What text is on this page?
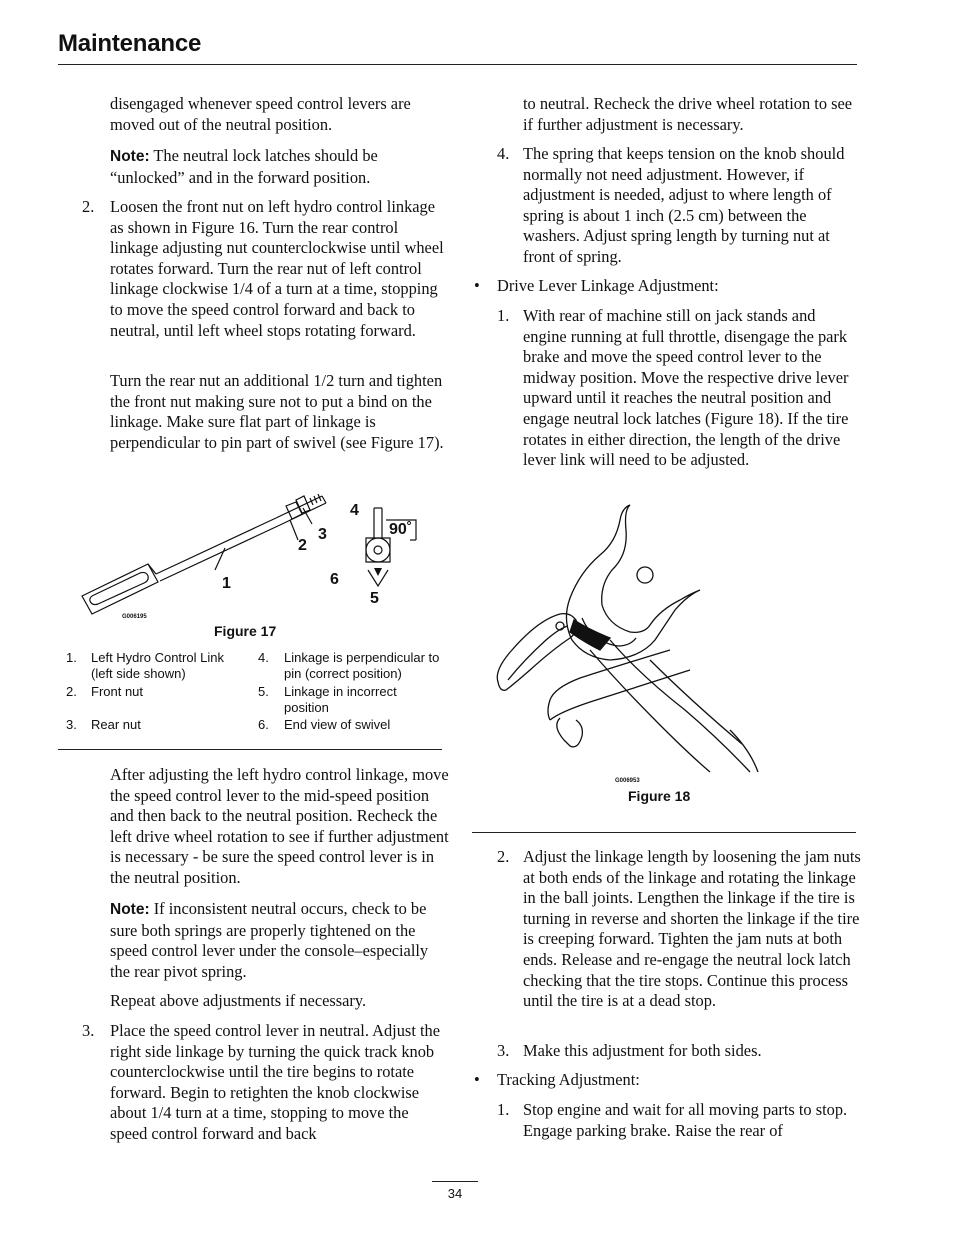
Maintenance

disengaged whenever speed control levers are moved out of the neutral position.

Note: The neutral lock latches should be “unlocked” and in the forward position.

2. Loosen the front nut on left hydro control linkage as shown in Figure 16. Turn the rear control linkage adjusting nut counterclockwise until wheel rotates forward. Turn the rear nut of left control linkage clockwise 1/4 of a turn at a time, stopping to move the speed control forward and back to neutral, until left wheel stops rotating forward.

Turn the rear nut an additional 1/2 turn and tighten the front nut making sure not to put a bind on the linkage. Make sure flat part of linkage is perpendicular to pin part of swivel (see Figure 17).

1
2
3
4
5
6
90˚
G006195
Figure 17
1. Left Hydro Control Link (left side shown)
2. Front nut
3. Rear nut
4. Linkage is perpendicular to pin (correct position)
5. Linkage in incorrect position
6. End view of swivel

After adjusting the left hydro control linkage, move the speed control lever to the mid-speed position and then back to the neutral position. Recheck the left drive wheel rotation to see if further adjustment is necessary - be sure the speed control lever is in the neutral position.

Note: If inconsistent neutral occurs, check to be sure both springs are properly tightened on the speed control lever under the console–especially the rear pivot spring.

Repeat above adjustments if necessary.

3. Place the speed control lever in neutral. Adjust the right side linkage by turning the quick track knob counterclockwise until the tire begins to rotate forward. Begin to retighten the knob clockwise about 1/4 turn at a time, stopping to move the speed control forward and back

to neutral. Recheck the drive wheel rotation to see if further adjustment is necessary.

4. The spring that keeps tension on the knob should normally not need adjustment. However, if adjustment is needed, adjust to where length of spring is about 1 inch (2.5 cm) between the washers. Adjust spring length by turning nut at front of spring.

• Drive Lever Linkage Adjustment:

1. With rear of machine still on jack stands and engine running at full throttle, disengage the park brake and move the speed control lever to the midway position. Move the respective drive lever upward until it reaches the neutral position and engage neutral lock latches (Figure 18). If the tire rotates in either direction, the length of the drive lever link will need to be adjusted.

G006953
Figure 18
2. Adjust the linkage length by loosening the jam nuts at both ends of the linkage and rotating the linkage in the ball joints. Lengthen the linkage if the tire is turning in reverse and shorten the linkage if the tire is creeping forward. Tighten the jam nuts at both ends. Release and re-engage the neutral lock latch checking that the tire stops. Continue this process until the tire is at a dead stop.

3. Make this adjustment for both sides.

• Tracking Adjustment:

1. Stop engine and wait for all moving parts to stop. Engage parking brake. Raise the rear of

34
